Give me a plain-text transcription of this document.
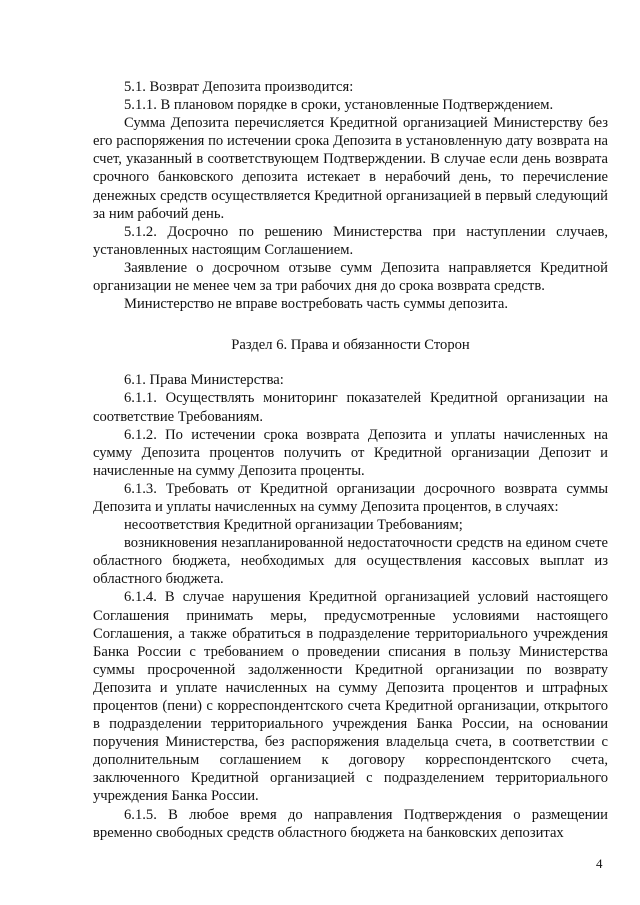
5.1. Возврат Депозита производится:

5.1.1. В плановом порядке в сроки, установленные Подтверждением.

Сумма Депозита перечисляется Кредитной организацией Министерству без его распоряжения по истечении срока Депозита в установленную дату возврата на счет, указанный в соответствующем Подтверждении. В случае если день возврата срочного банковского депозита истекает в нерабочий день, то перечисление денежных средств осуществляется Кредитной организацией в первый следующий за ним рабочий день.

5.1.2. Досрочно по решению Министерства при наступлении случаев, установленных настоящим Соглашением.

Заявление о досрочном отзыве сумм Депозита направляется Кредитной организации не менее чем за три рабочих дня до срока возврата средств.

Министерство не вправе востребовать часть суммы депозита.

Раздел 6. Права и обязанности Сторон

6.1. Права Министерства:

6.1.1. Осуществлять мониторинг показателей Кредитной организации на соответствие Требованиям.

6.1.2. По истечении срока возврата Депозита и уплаты начисленных на сумму Депозита процентов получить от Кредитной организации Депозит и начисленные на сумму Депозита проценты.

6.1.3. Требовать от Кредитной организации досрочного возврата суммы Депозита и уплаты начисленных на сумму Депозита процентов, в случаях:

несоответствия Кредитной организации Требованиям;

возникновения незапланированной недостаточности средств на едином счете областного бюджета, необходимых для осуществления кассовых выплат из областного бюджета.

6.1.4. В случае нарушения Кредитной организацией условий настоящего Соглашения принимать меры, предусмотренные условиями настоящего Соглашения, а также обратиться в подразделение территориального учреждения Банка России с требованием о проведении списания в пользу Министерства суммы просроченной задолженности Кредитной организации по возврату Депозита и уплате начисленных на сумму Депозита процентов и штрафных процентов (пени) с корреспондентского счета Кредитной организации, открытого в подразделении территориального учреждения Банка России, на основании поручения Министерства, без распоряжения владельца счета, в соответствии с дополнительным соглашением к договору корреспондентского счета, заключенного Кредитной организацией с подразделением территориального учреждения Банка России.

6.1.5. В любое время до направления Подтверждения о размещении временно свободных средств областного бюджета на банковских депозитах

4
